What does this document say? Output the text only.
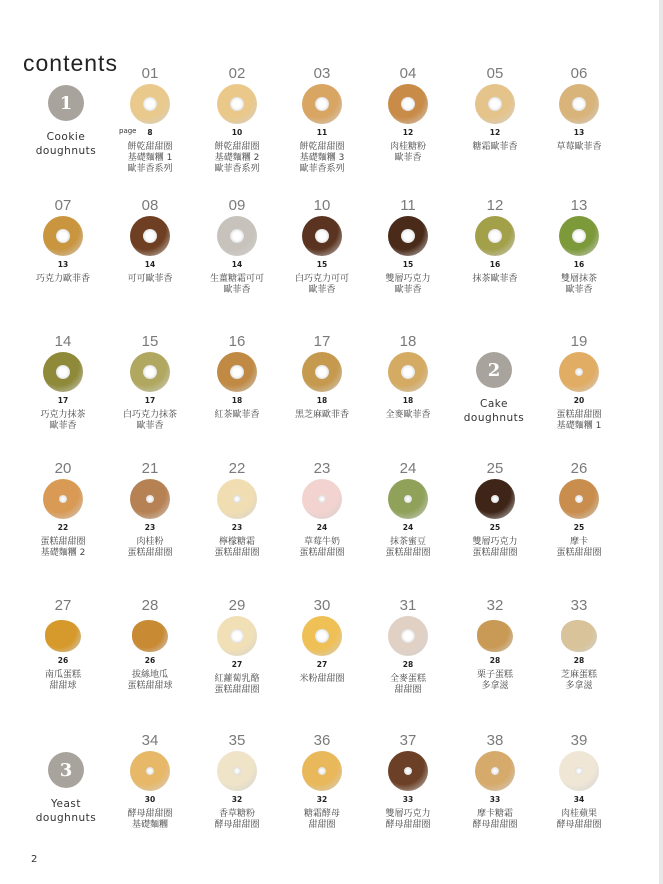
contents
page
2
1
Cookie
doughnuts
2
Cake
doughnuts
3
Yeast
doughnuts
01
8
餅乾甜甜圈
基礎麵糰 1
歐菲香系列
02
10
餅乾甜甜圈
基礎麵糰 2
歐菲香系列
03
11
餅乾甜甜圈
基礎麵糰 3
歐菲香系列
04
12
肉桂糖粉
歐菲香
05
12
糖霜歐菲香
06
13
草莓歐菲香
07
13
巧克力歐菲香
08
14
可可歐菲香
09
14
生薑糖霜可可
歐菲香
10
15
白巧克力可可
歐菲香
11
15
雙層巧克力
歐菲香
12
16
抹茶歐菲香
13
16
雙層抹茶
歐菲香
14
17
巧克力抹茶
歐菲香
15
17
白巧克力抹茶
歐菲香
16
18
紅茶歐菲香
17
18
黑芝麻歐菲香
18
18
全麥歐菲香
19
20
蛋糕甜甜圈
基礎麵糰 1
20
22
蛋糕甜甜圈
基礎麵糰 2
21
23
肉桂粉
蛋糕甜甜圈
22
23
檸檬糖霜
蛋糕甜甜圈
23
24
草莓牛奶
蛋糕甜甜圈
24
24
抹茶蜜豆
蛋糕甜甜圈
25
25
雙層巧克力
蛋糕甜甜圈
26
25
摩卡
蛋糕甜甜圈
27
26
南瓜蛋糕
甜甜球
28
26
拔絲地瓜
蛋糕甜甜球
29
27
紅蘿蔔乳酪
蛋糕甜甜圈
30
27
米粉甜甜圈
31
28
全麥蛋糕
甜甜圈
32
28
栗子蛋糕
多拿滋
33
28
芝麻蛋糕
多拿滋
34
30
酵母甜甜圈
基礎麵糰
35
32
香草糖粉
酵母甜甜圈
36
32
糖霜酵母
甜甜圈
37
33
雙層巧克力
酵母甜甜圈
38
33
摩卡糖霜
酵母甜甜圈
39
34
肉桂蘋果
酵母甜甜圈
